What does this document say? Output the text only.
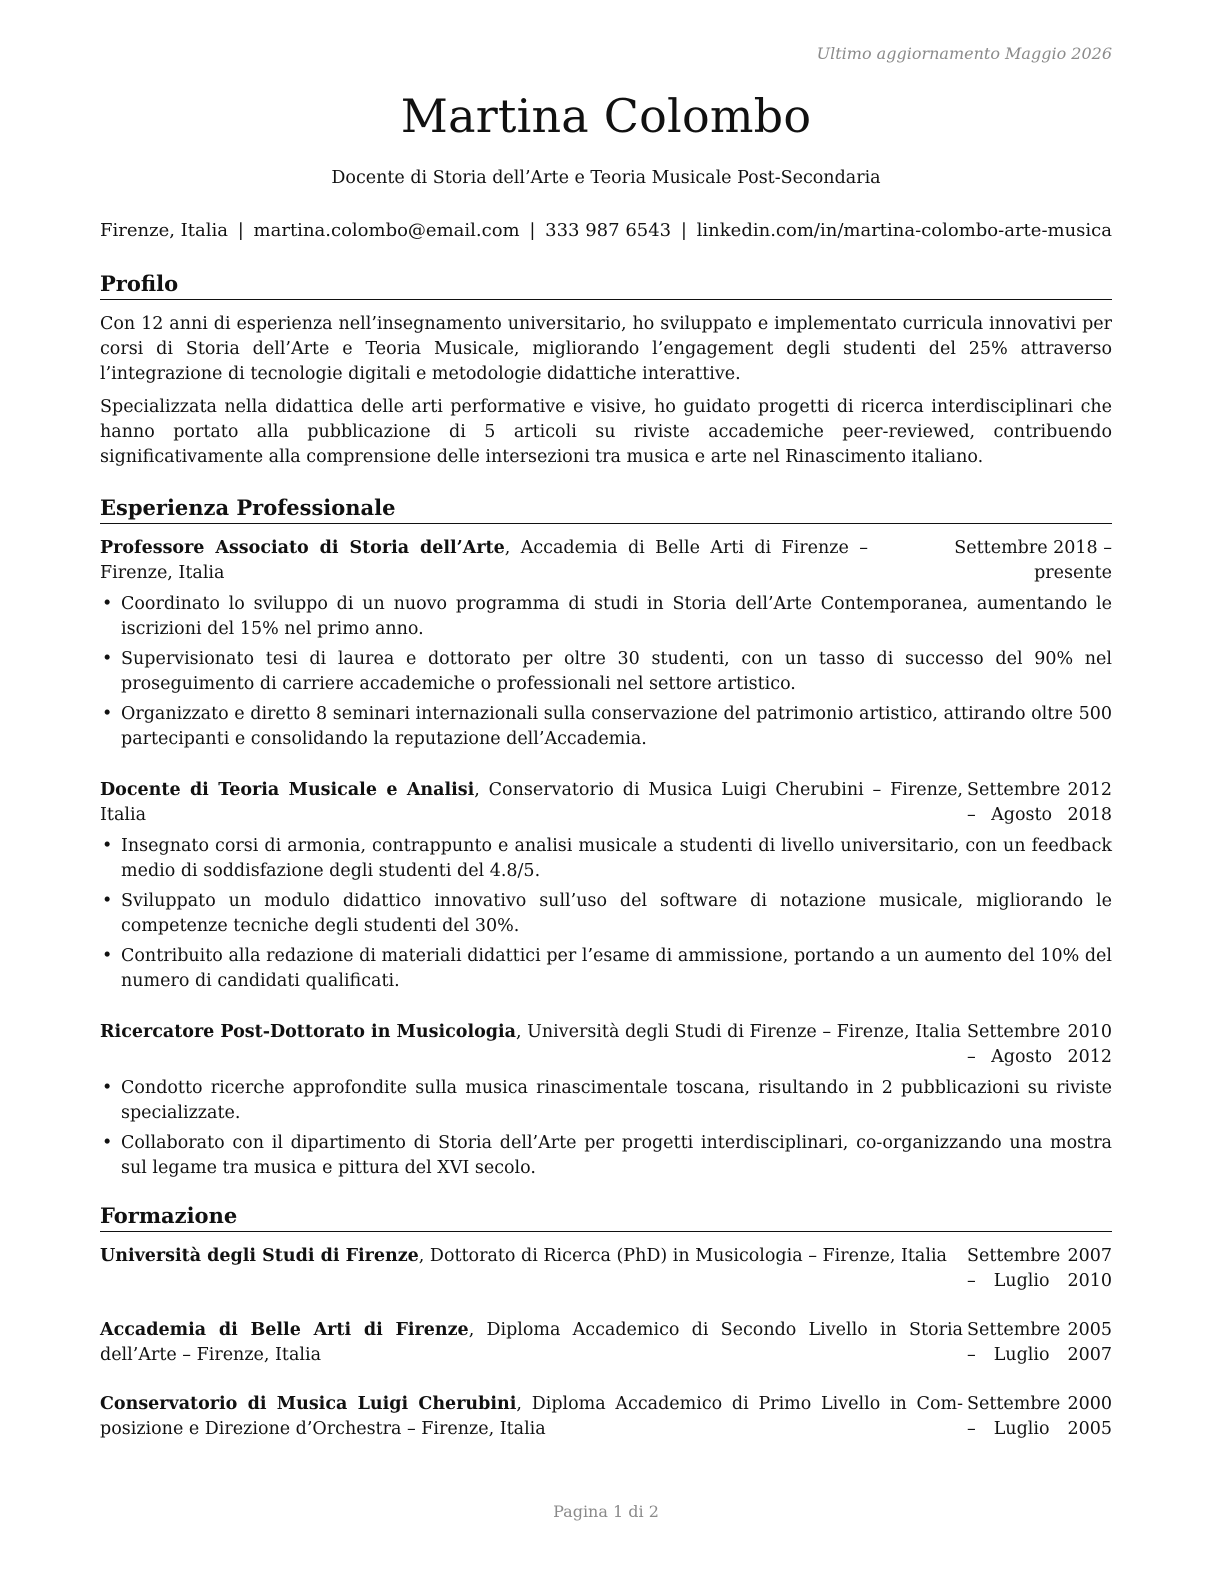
Ultimo aggiornamento Maggio 2026
Martina Colombo
Docente di Storia dell’Arte e Teoria Musicale Post-Secondaria
Firenze, Italia | martina.colombo@email.com | 333 987 6543 | linkedin.com/in/martina-colombo-arte-musica
Profilo

Con 12 anni di esperienza nell’insegnamento universitario, ho sviluppato e implementato curricula innovativi per corsi di Storia dell’Arte e Teoria Musicale, migliorando l’engagement degli studenti del 25% attraverso l’integrazione di tecnologie digitali e metodologie didattiche interattive.

Specializzata nella didattica delle arti performative e visive, ho guidato progetti di ricerca interdisciplinari che hanno portato alla pubblicazione di 5 articoli su riviste accademiche peer-reviewed, contribuendo significativamente alla comprensione delle intersezioni tra musica e arte nel Rinascimento italiano.

Esperienza Professionale
Professore Associato di Storia dell’Arte, Accademia di Belle Arti di Firenze – Firenze, Italia
Settembre 2018 – presente
• Coordinato lo sviluppo di un nuovo programma di studi in Storia dell’Arte Contemporanea, aumentando le iscrizioni del 15% nel primo anno.
• Supervisionato tesi di laurea e dottorato per oltre 30 studenti, con un tasso di successo del 90% nel proseguimento di carriere accademiche o professionali nel settore artistico.
• Organizzato e diretto 8 seminari internazionali sulla conservazione del patrimonio artistico, attirando oltre 500 partecipanti e consolidando la reputazione dell’Accademia.
Docente di Teoria Musicale e Analisi, Conservatorio di Musica Luigi Cherubini – Firenze, Italia
Settembre 2012 – Agosto 2018
• Insegnato corsi di armonia, contrappunto e analisi musicale a studenti di livello universitario, con un feedback medio di soddisfazione degli studenti del 4.8/5.
• Sviluppato un modulo didattico innovativo sull’uso del software di notazione musicale, migliorando le competenze tecniche degli studenti del 30%.
• Contribuito alla redazione di materiali didattici per l’esame di ammissione, portando a un aumento del 10% del numero di candidati qualificati.
Ricercatore Post-Dottorato in Musicologia, Università degli Studi di Firenze – Firenze, Italia Settembre 2010 – Agosto 2012
• Condotto ricerche approfondite sulla musica rinascimentale toscana, risultando in 2 pubblicazioni su riviste specializzate.
• Collaborato con il dipartimento di Storia dell’Arte per progetti interdisciplinari, co-organizzando una mostra sul legame tra musica e pittura del XVI secolo.
Formazione
Università degli Studi di Firenze, Dottorato di Ricerca (PhD) in Musicologia – Firenze, Italia	Settembre 2007 – Luglio 2010
Accademia di Belle Arti di Firenze, Diploma Accademico di Secondo Livello in Storia dell’Arte – Firenze, Italia
Settembre 2005 – Luglio 2007
Conservatorio di Musica Luigi Cherubini, Diploma Accademico di Primo Livello in Composizione e Direzione d’Orchestra – Firenze, Italia
Settembre 2000 – Luglio 2005
Pagina 1 di 2
